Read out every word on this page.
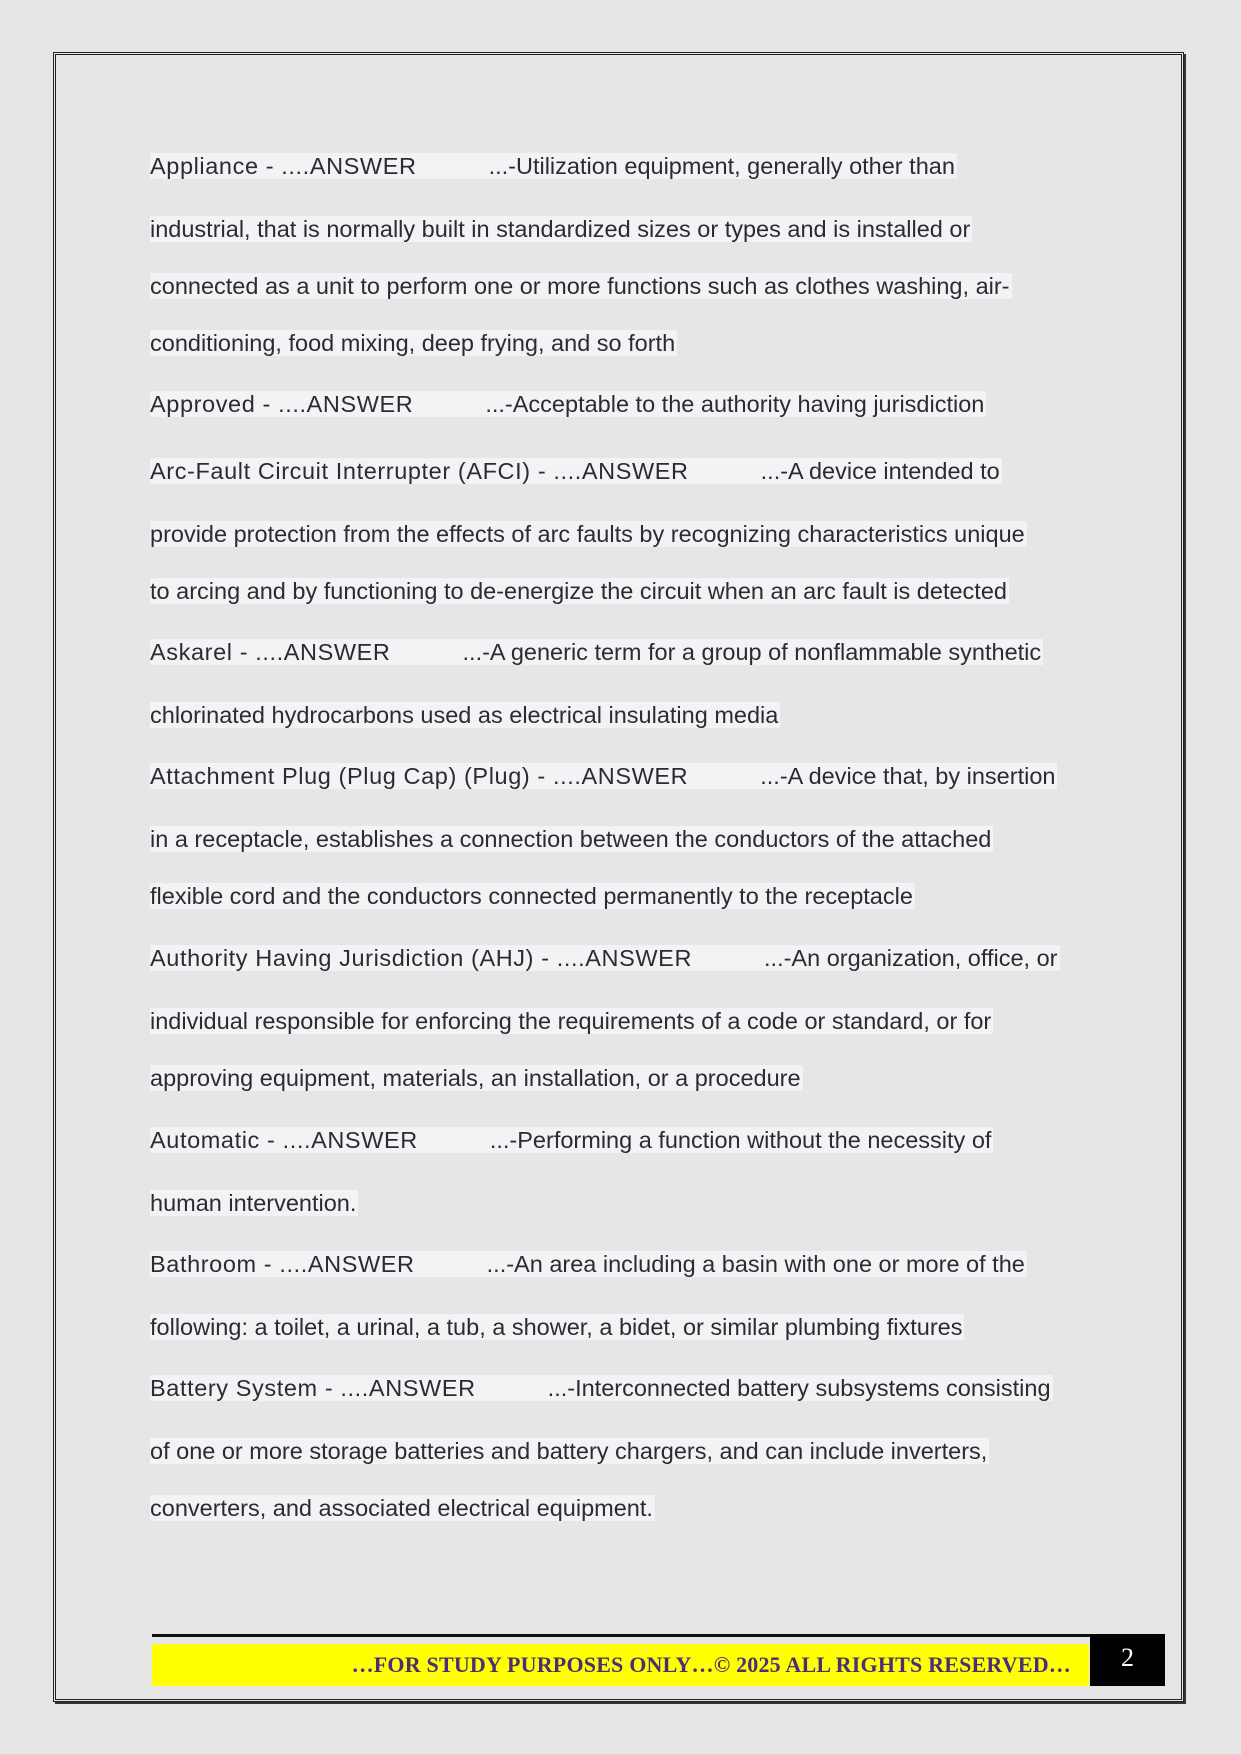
Appliance - ....ANSWER	...-Utilization equipment, generally other than
industrial, that is normally built in standardized sizes or types and is installed or
connected as a unit to perform one or more functions such as clothes washing, air-
conditioning, food mixing, deep frying, and so forth
Approved - ....ANSWER	...-Acceptable to the authority having jurisdiction
Arc-Fault Circuit Interrupter (AFCI) - ....ANSWER	...-A device intended to
provide protection from the effects of arc faults by recognizing characteristics unique
to arcing and by functioning to de-energize the circuit when an arc fault is detected
Askarel - ....ANSWER	...-A generic term for a group of nonflammable synthetic
chlorinated hydrocarbons used as electrical insulating media
Attachment Plug (Plug Cap) (Plug) - ....ANSWER	...-A device that, by insertion
in a receptacle, establishes a connection between the conductors of the attached
flexible cord and the conductors connected permanently to the receptacle
Authority Having Jurisdiction (AHJ) - ....ANSWER	...-An organization, office, or
individual responsible for enforcing the requirements of a code or standard, or for
approving equipment, materials, an installation, or a procedure
Automatic - ....ANSWER	...-Performing a function without the necessity of
human intervention.
Bathroom - ....ANSWER	...-An area including a basin with one or more of the
following: a toilet, a urinal, a tub, a shower, a bidet, or similar plumbing fixtures
Battery System - ....ANSWER	...-Interconnected battery subsystems consisting
of one or more storage batteries and battery chargers, and can include inverters,
converters, and associated electrical equipment.
…FOR STUDY PURPOSES ONLY…© 2025 ALL RIGHTS RESERVED…	2
